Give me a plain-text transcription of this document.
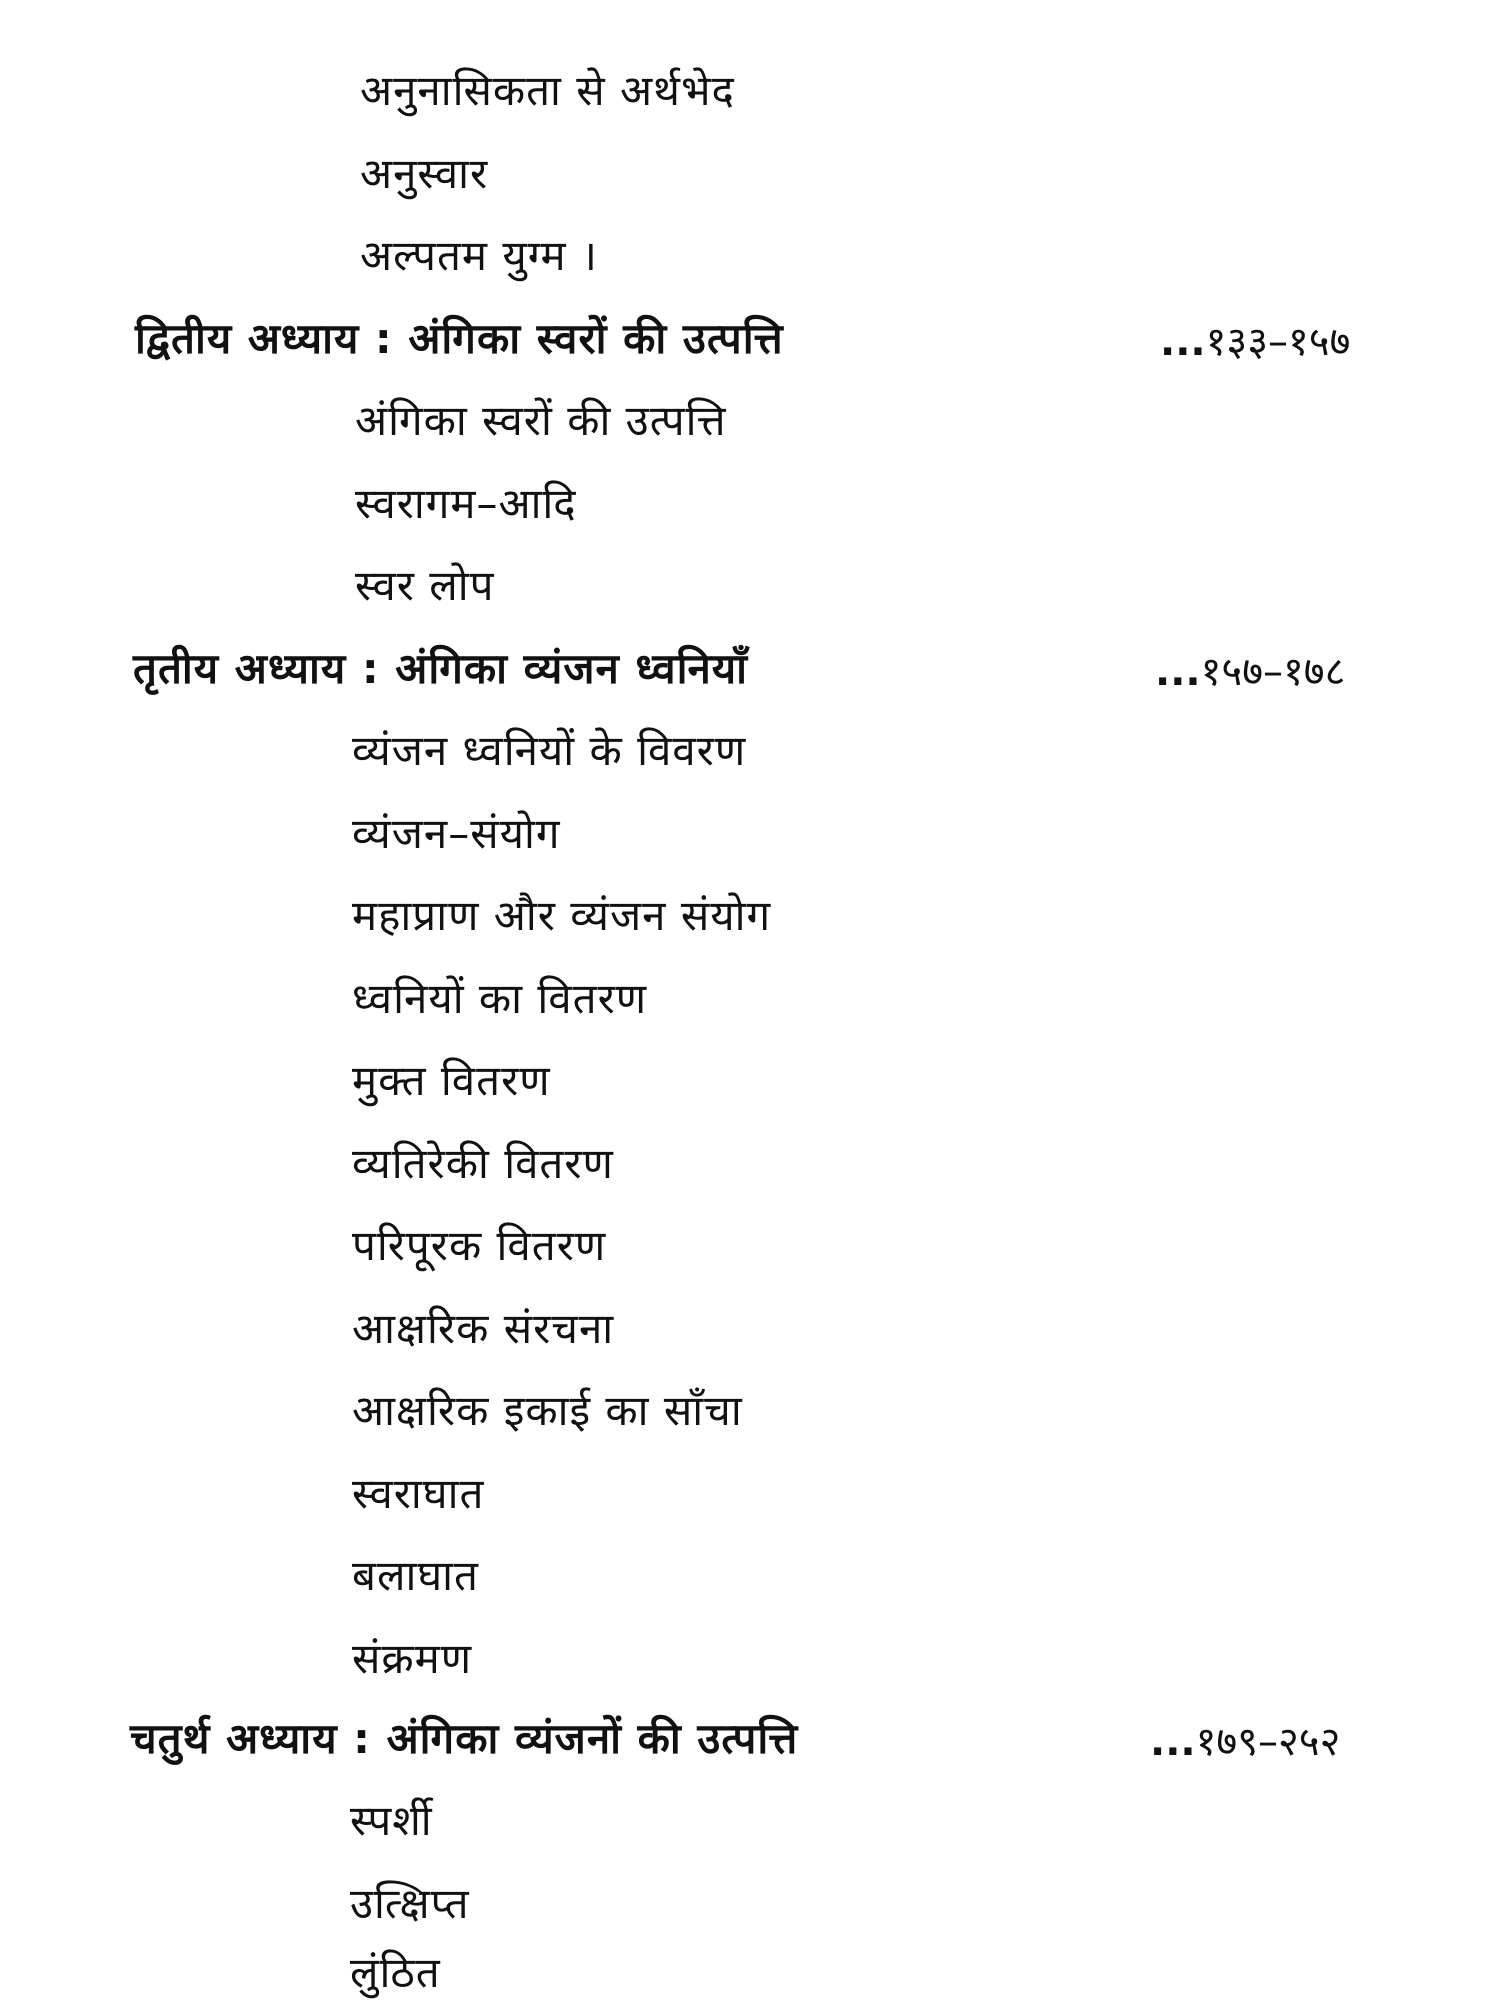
अनुनासिकता से अर्थभेद
अनुस्वार
अल्पतम युग्म ।
द्वितीय अध्याय : अंगिका स्वरों की उत्पत्ति	...१३३–१५७
अंगिका स्वरों की उत्पत्ति
स्वरागम–आदि
स्वर लोप
तृतीय अध्याय : अंगिका व्यंजन ध्वनियाँ	...१५७–१७८
व्यंजन ध्वनियों के विवरण
व्यंजन–संयोग
महाप्राण और व्यंजन संयोग
ध्वनियों का वितरण
मुक्त वितरण
व्यतिरेकी वितरण
परिपूरक वितरण
आक्षरिक संरचना
आक्षरिक इकाई का साँचा
स्वराघात
बलाघात
संक्रमण
चतुर्थ अध्याय : अंगिका व्यंजनों की उत्पत्ति	...१७९–२५२
स्पर्शी
उत्क्षिप्त
लुंठित
